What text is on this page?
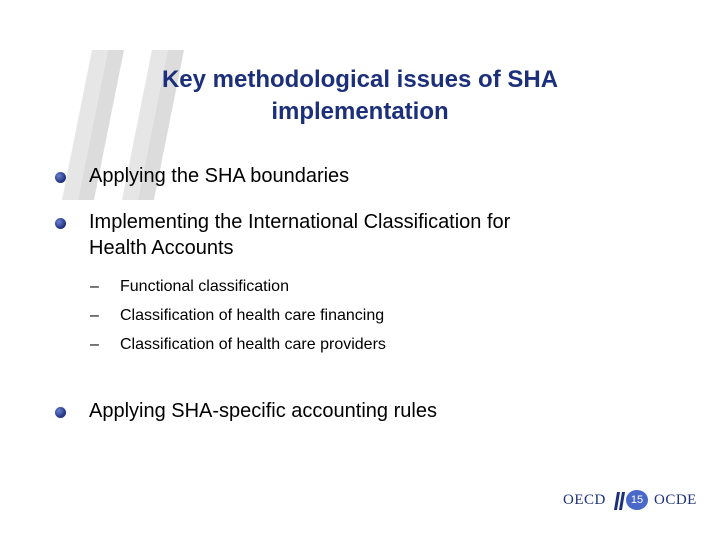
Key methodological issues of SHA
implementation
Applying the SHA boundaries
Implementing the International Classification for
Health Accounts
– Functional classification
– Classification of health care financing
– Classification of health care providers
Applying SHA-specific accounting rules
OECD	15 OCDE
